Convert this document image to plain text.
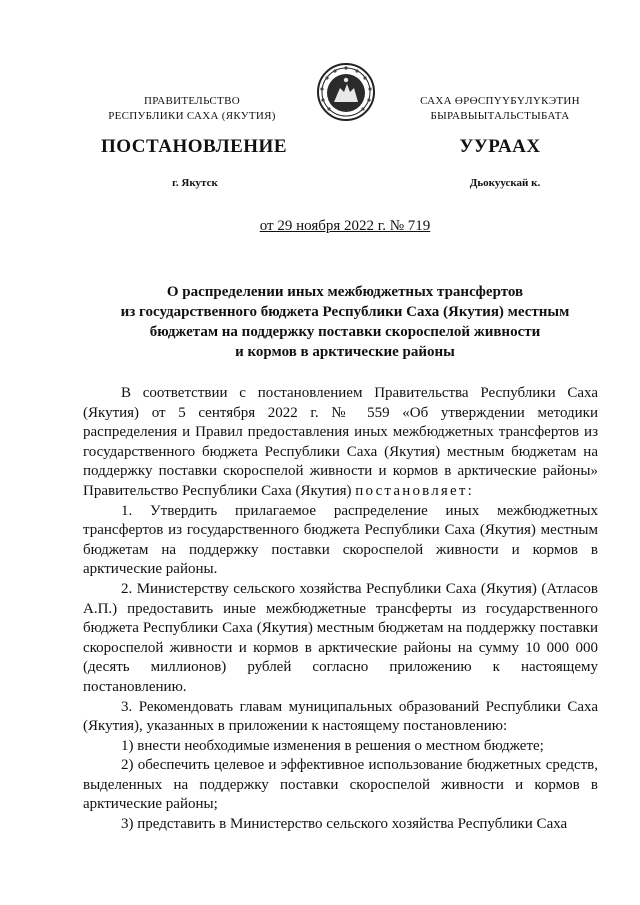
ПРАВИТЕЛЬСТВО
РЕСПУБЛИКИ САХА (ЯКУТИЯ)
САХА ӨРӨСПҮҮБҮЛҮКЭТИН
БЫРАВЫЫТАЛЬСТЫБАТА
ПОСТАНОВЛЕНИЕ	УУРААХ
г. Якутск	Дьокуускай к.
от 29 ноября 2022 г. № 719
О распределении иных межбюджетных трансфертов
из государственного бюджета Республики Саха (Якутия) местным
бюджетам на поддержку поставки скороспелой живности
и кормов в арктические районы

В соответствии с постановлением Правительства Республики Саха (Якутия) от 5 сентября 2022 г. № 559 «Об утверждении методики распределения и Правил предоставления иных межбюджетных трансфертов из государственного бюджета Республики Саха (Якутия) местным бюджетам на поддержку поставки скороспелой живности и кормов в арктические районы» Правительство Республики Саха (Якутия) постановляет:

1. Утвердить прилагаемое распределение иных межбюджетных трансфертов из государственного бюджета Республики Саха (Якутия) местным бюджетам на поддержку поставки скороспелой живности и кормов в арктические районы.

2. Министерству сельского хозяйства Республики Саха (Якутия) (Атласов А.П.) предоставить иные межбюджетные трансферты из государственного бюджета Республики Саха (Якутия) местным бюджетам на поддержку поставки скороспелой живности и кормов в арктические районы на сумму 10 000 000 (десять миллионов) рублей согласно приложению к настоящему постановлению.

3. Рекомендовать главам муниципальных образований Республики Саха (Якутия), указанных в приложении к настоящему постановлению:

1) внести необходимые изменения в решения о местном бюджете;

2) обеспечить целевое и эффективное использование бюджетных средств, выделенных на поддержку поставки скороспелой живности и кормов в арктические районы;

3) представить в Министерство сельского хозяйства Республики Саха
